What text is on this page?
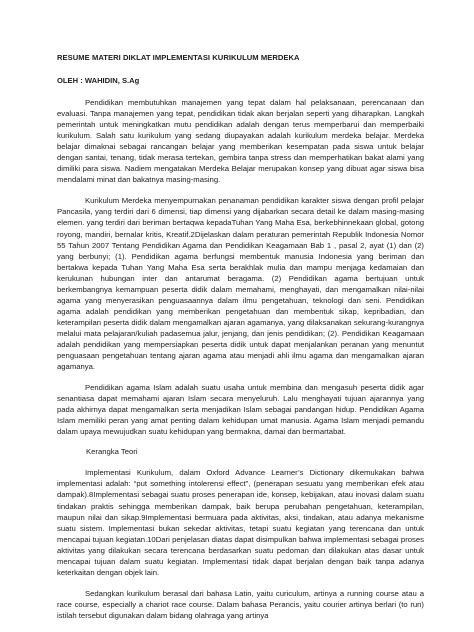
RESUME MATERI DIKLAT IMPLEMENTASI KURIKULUM MERDEKA
OLEH : WAHIDIN, S.Ag

Pendidikan membutuhkan manajemen yang tepat dalam hal pelaksanaan, perencanaan dan evaluasi. Tanpa manajemen yang tepat, pendidikan tidak akan berjalan seperti yang diharapkan. Langkah pemerintah untuk meningkatkan mutu pendidikan adalah dengan terus memperbarui dan memperbaiki kurikulum. Salah satu kurikulum yang sedang diupayakan adalah kurikulum merdeka belajar. Merdeka belajar dimaknai sebagai rancangan belajar yang memberikan kesempatan pada siswa untuk belajar dengan santai, tenang, tidak merasa tertekan, gembira tanpa stress dan memperhatikan bakat alami yang dimiliki para siswa. Nadiem mengatakan Merdeka Belajar merupakan konsep yang dibuat agar siswa bisa mendalami minat dan bakatnya masing-masing.

Kurikulum Merdeka menyempurnakan penanaman pendidikan karakter siswa dengan profil pelajar Pancasila, yang terdiri dari 6 dimensi, tiap dimensi yang dijabarkan secara detail ke dalam masing-masing elemen. yang terdiri dari beriman bertaqwa kepadaTuhan Yang Maha Esa, berkebhinnekaan global, gotong royong, mandiri, bernalar kritis, Kreatif.2Dijelaskan dalam peraturan pemerintah Republik Indonesia Nomor 55 Tahun 2007 Tentang Pendidikan Agama dan Pendidikan Keagamaan Bab 1 , pasal 2, ayat (1) dan (2) yang berbunyi; (1). Pendidikan agama berfungsi membentuk manusia Indonesia yang beriman dan bertakwa kepada Tuhan Yang Maha Esa serta berakhlak mulia dan mampu menjaga kedamaian dan kerukunan hubungan inter dan antarumat beragama. (2) Pendidikan agama bertujuan untuk berkembangnya kemampuan peserta didik dalam memahami, menghayati, dan mengamalkan nilai-nilai agama yang menyerasikan penguasaannya dalam ilmu pengetahuan, teknologi dan seni. Pendidikan agama adalah pendidikan yang memberikan pengetahuan dan membentuk sikap, kepribadian, dan keterampilan peserta didik dalam mengamalkan ajaran agamanya, yang dilaksanakan sekurang-kurangnya melalui mata pelajaran/kuliah padasemua jalur, jenjang, dan jenis pendidikan; (2). Pendidikan Keagamaan adalah pendidikan yang mempersiapkan peserta didik untuk dapat menjalankan peranan yang menuntut penguasaan pengetahuan tentang ajaran agama atau menjadi ahli ilmu agama dan mengamalkan ajaran agamanya.

Pendidikan agama Islam adalah suatu usaha untuk membina dan mengasuh peserta didik agar senantiasa dapat memahami ajaran Islam secara menyeluruh. Lalu menghayati tujuan ajarannya yang pada akhirnya dapat mengamalkan serta menjadikan Islam sebagai pandangan hidup. Pendidikan Agama Islam memiliki peran yang amat penting dalam kehidupan umat manusia. Agama Islam menjadi pemandu dalam upaya mewujudkan suatu kehidupan yang bermakna, damai dan bermartabat.

Kerangka Teori

Implementasi Kurikulum, dalam Oxford Advance Learner’s Dictionary dikemukakan bahwa implementasi adalah: “put something intolerensi effect”, (penerapan sesuatu yang memberikan efek atau dampak).8Implementasi sebagai suatu proses penerapan ide, konsep, kebijakan, atau inovasi dalam suatu tindakan praktis sehingga memberikan dampak, baik berupa perubahan pengetahuan, keterampilan, maupun nilai dan sikap.9Implementasi bermuara pada aktivitas, aksi, tindakan, atau adanya mekanisme suatu sistem. Implementasi bukan sekedar aktivitas, tetapi suatu kegiatan yang terencana dan untuk mencapai tujuan kegiatan.10Dari penjelasan diatas dapat disimpulkan bahwa implementasi sebagai proses aktivitas yang dilakukan secara terencana berdasarkan suatu pedoman dan dilakukan atas dasar untuk mencapai tujuan dalam suatu kegiatan. Implementasi tidak dapat berjalan dengan baik tanpa adanya keterkaitan dengan objek lain.

Sedangkan kurikulum berasal dari bahasa Latin, yaitu curiculum, artinya a running course atau a race course, especially a chariot race course. Dalam bahasa Perancis, yaitu courier artinya berlari (to run) istilah tersebut digunakan dalam bidang olahraga yang artinya
